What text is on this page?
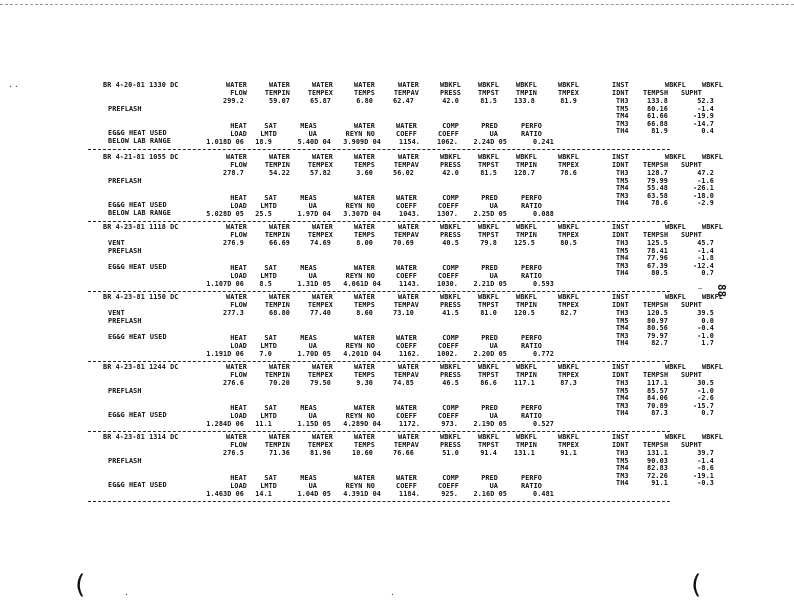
BR 4-20-81 1330 DC	WATER	WATER	WATER	WATER	WATER	WBKFL	WBKFL	WBKFL	WBKFL
FLOW	TEMPIN	TEMPEX	TEMPS	TEMPAV	PRESS	TMPST	TMPIN	TMPEX
299.2	59.07	65.87	6.80	62.47	42.0	81.5	133.8	81.9
INST	WBKFL WBKFL
IDNT TEMPSH SUPHT
TH3	133.8	52.3
TM5	80.16	-1.4
TM4	61.66	-19.9
TM3	66.88	-14.7
TH4	81.9	0.4
PREFLASH
EG&G HEAT USED
BELOW LAB RANGE
HEAT	SAT	MEAS	WATER	WATER	COMP	PRED	PERFO
LOAD	LMTD	UA	REYN NO	COEFF	COEFF	UA	RATIO
1.018D 06	18.9	5.40D 04	3.909D 04	1154.	1062.	2.24D 05	0.241
BR 4-21-81 1055 DC	WATER	WATER	WATER	WATER	WATER	WBKFL	WBKFL	WBKFL	WBKFL
FLOW	TEMPIN	TEMPEX	TEMPS	TEMPAV	PRESS	TMPST	TMPIN	TMPEX
278.7	54.22	57.82	3.60	56.02	42.0	81.5	128.7	78.6
INST	WBKFL WBKFL
IDNT TEMPSH SUPHT
TH3	128.7	47.2
TM5	79.99	-1.6
TM4	55.48	-26.1
TM3	63.58	-18.0
TH4	78.6	-2.9
PREFLASH
EG&G HEAT USED
BELOW LAB RANGE
HEAT	SAT	MEAS	WATER	WATER	COMP	PRED	PERFO
LOAD	LMTD	UA	REYN NO	COEFF	COEFF	UA	RATIO
5.028D 05	25.5	1.97D 04	3.307D 04	1043.	1307.	2.25D 05	0.088
BR 4-23-81 1118 DC	WATER	WATER	WATER	WATER	WATER	WBKFL	WBKFL	WBKFL	WBKFL
FLOW	TEMPIN	TEMPEX	TEMPS	TEMPAV	PRESS	TMPST	TMPIN	TMPEX
276.9	66.69	74.69	8.00	70.69	40.5	79.8	125.5	80.5
INST	WBKFL WBKFL
IDNT TEMPSH SUPHT
TH3	125.5	45.7
TM5	78.41	-1.4
TM4	77.96	-1.8
TM3	67.39	-12.4
TH4	80.5	0.7
VENT
PREFLASH
EG&G HEAT USED	HEAT	SAT	MEAS	WATER	WATER	COMP	PRED	PERFO
LOAD	LMTD	UA	REYN NO	COEFF	COEFF	UA	RATIO
1.107D 06	8.5	1.31D 05	4.061D 04	1143.	1030.	2.21D 05	0.593
BR 4-23-81 1150 DC	WATER	WATER	WATER	WATER	WATER	WBKFL	WBKFL	WBKFL	WBKFL
FLOW	TEMPIN	TEMPEX	TEMPS	TEMPAV	PRESS	TMPST	TMPIN	TMPEX
277.3	68.80	77.40	8.60	73.10	41.5	81.0	120.5	82.7
INST	WBKFL WBKFL
IDNT TEMPSH SUPHT
TH3	120.5	39.5
TM5	80.97	0.0
TM4	80.56	-0.4
TM3	79.97	-1.0
TH4	82.7	1.7
VENT
PREFLASH
EG&G HEAT USED	HEAT	SAT	MEAS	WATER	WATER	COMP	PRED	PERFO
LOAD	LMTD	UA	REYN NO	COEFF	COEFF	UA	RATIO
1.191D 06	7.0	1.70D 05	4.201D 04	1162.	1002.	2.20D 05	0.772
BR 4-23-81 1244 DC	WATER	WATER	WATER	WATER	WATER	WBKFL	WBKFL	WBKFL	WBKFL
FLOW	TEMPIN	TEMPEX	TEMPS	TEMPAV	PRESS	TMPST	TMPIN	TMPEX
276.6	70.20	79.50	9.30	74.85	46.5	86.6	117.1	87.3
INST	WBKFL WBKFL
IDNT TEMPSH SUPHT
TH3	117.1	30.5
TM5	85.57	-1.0
TM4	84.06	-2.6
TM3	70.89	-15.7
TH4	87.3	0.7
PREFLASH
EG&G HEAT USED
HEAT	SAT	MEAS	WATER	WATER	COMP	PRED	PERFO
LOAD	LMTD	UA	REYN NO	COEFF	COEFF	UA	RATIO
1.284D 06	11.1	1.15D 05	4.289D 04	1172.	973.	2.19D 05	0.527
BR 4-23-81 1314 DC	WATER	WATER	WATER	WATER	WATER	WBKFL	WBKFL	WBKFL	WBKFL
FLOW	TEMPIN	TEMPEX	TEMPS	TEMPAV	PRESS	TMPST	TMPIN	TMPEX
276.5	71.36	81.96	10.60	76.66	51.0	91.4	131.1	91.1
INST	WBKFL WBKFL
IDNT TEMPSH SUPHT
TH3	131.1	39.7
TM5	90.03	-1.4
TM4	82.83	-8.6
TM3	72.26	-19.1
TH4	91.1	-0.3
PREFLASH
EG&G HEAT USED
HEAT	SAT	MEAS	WATER	WATER	COMP	PRED	PERFO
LOAD	LMTD	UA	REYN NO	COEFF	COEFF	UA	RATIO
1.463D 06	14.1	1.04D 05	4.391D 04	1184.	925.	2.16D 05	0.481
88
· ·
~
(	(
·	·
